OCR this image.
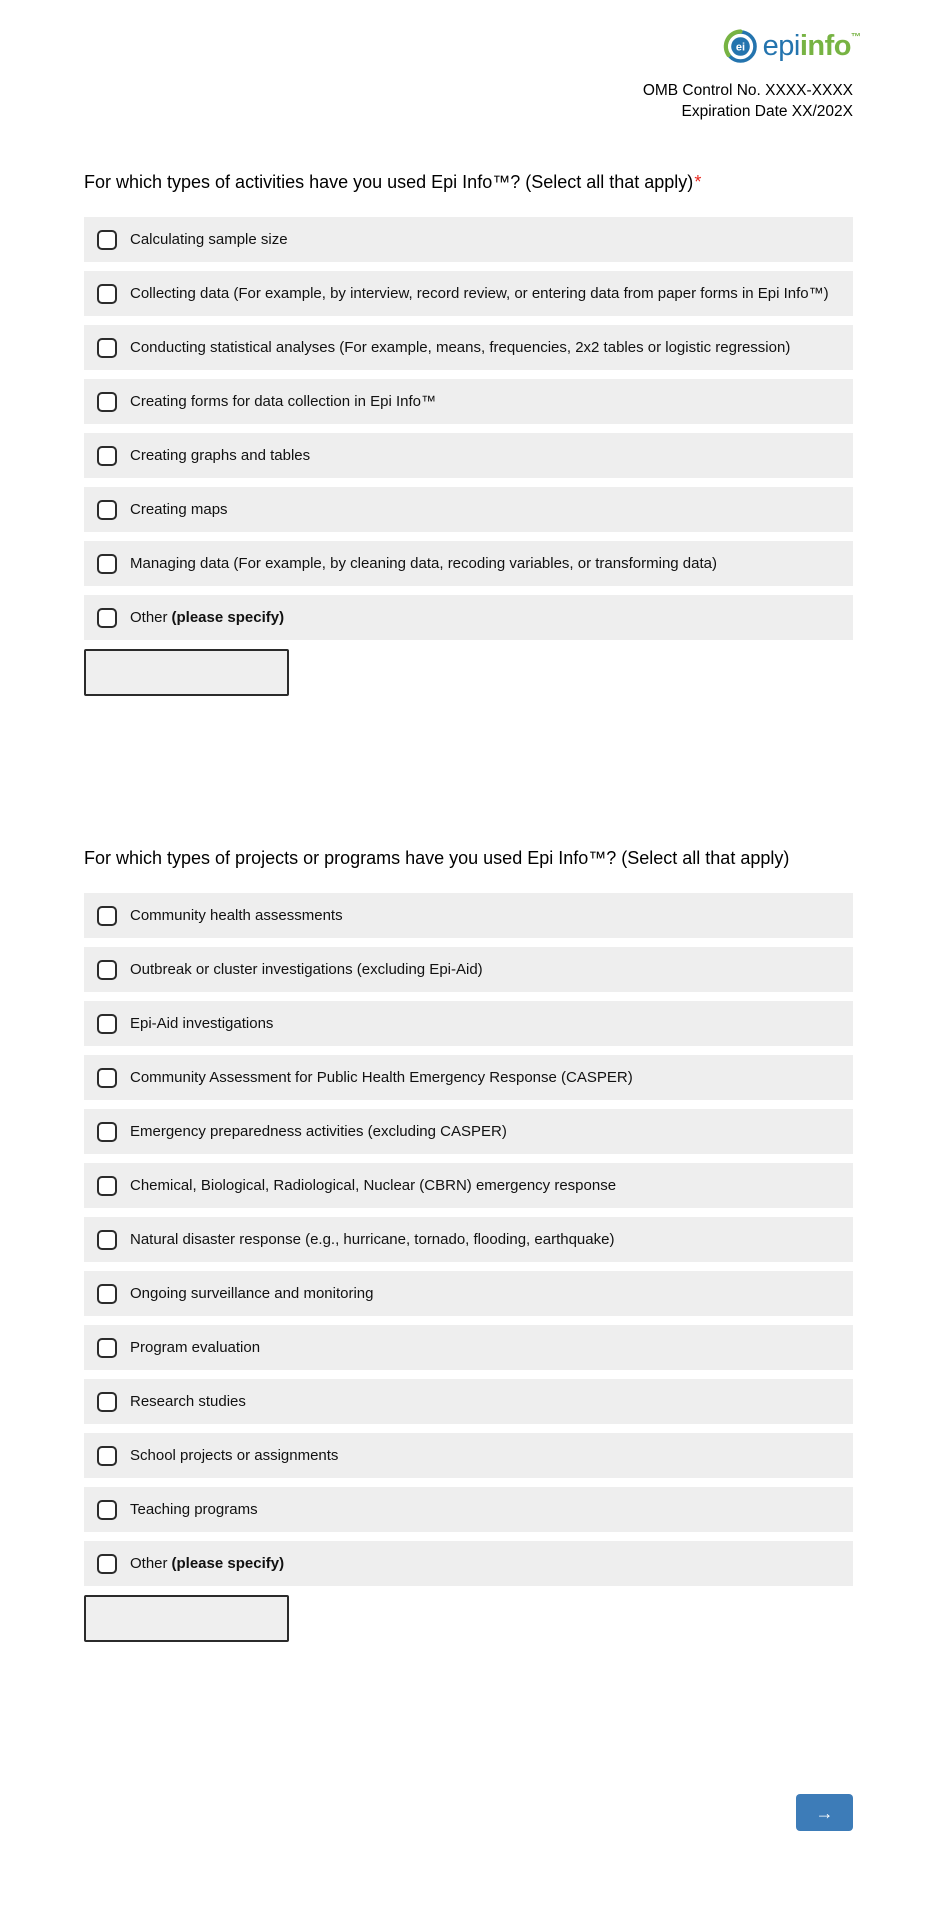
ei epi info ™
OMB Control No. XXXX-XXXX
Expiration Date XX/202X
For which types of activities have you used Epi Info™? (Select all that apply)*
Calculating sample size
Collecting data (For example, by interview, record review, or entering data from paper forms in Epi Info™)
Conducting statistical analyses (For example, means, frequencies, 2x2 tables or logistic regression)
Creating forms for data collection in Epi Info™
Creating graphs and tables
Creating maps
Managing data (For example, by cleaning data, recoding variables, or transforming data)
Other (please specify)
For which types of projects or programs have you used Epi Info™? (Select all that apply)
Community health assessments
Outbreak or cluster investigations (excluding Epi-Aid)
Epi-Aid investigations
Community Assessment for Public Health Emergency Response (CASPER)
Emergency preparedness activities (excluding CASPER)
Chemical, Biological, Radiological, Nuclear (CBRN) emergency response
Natural disaster response (e.g., hurricane, tornado, flooding, earthquake)
Ongoing surveillance and monitoring
Program evaluation
Research studies
School projects or assignments
Teaching programs
Other (please specify)
→
